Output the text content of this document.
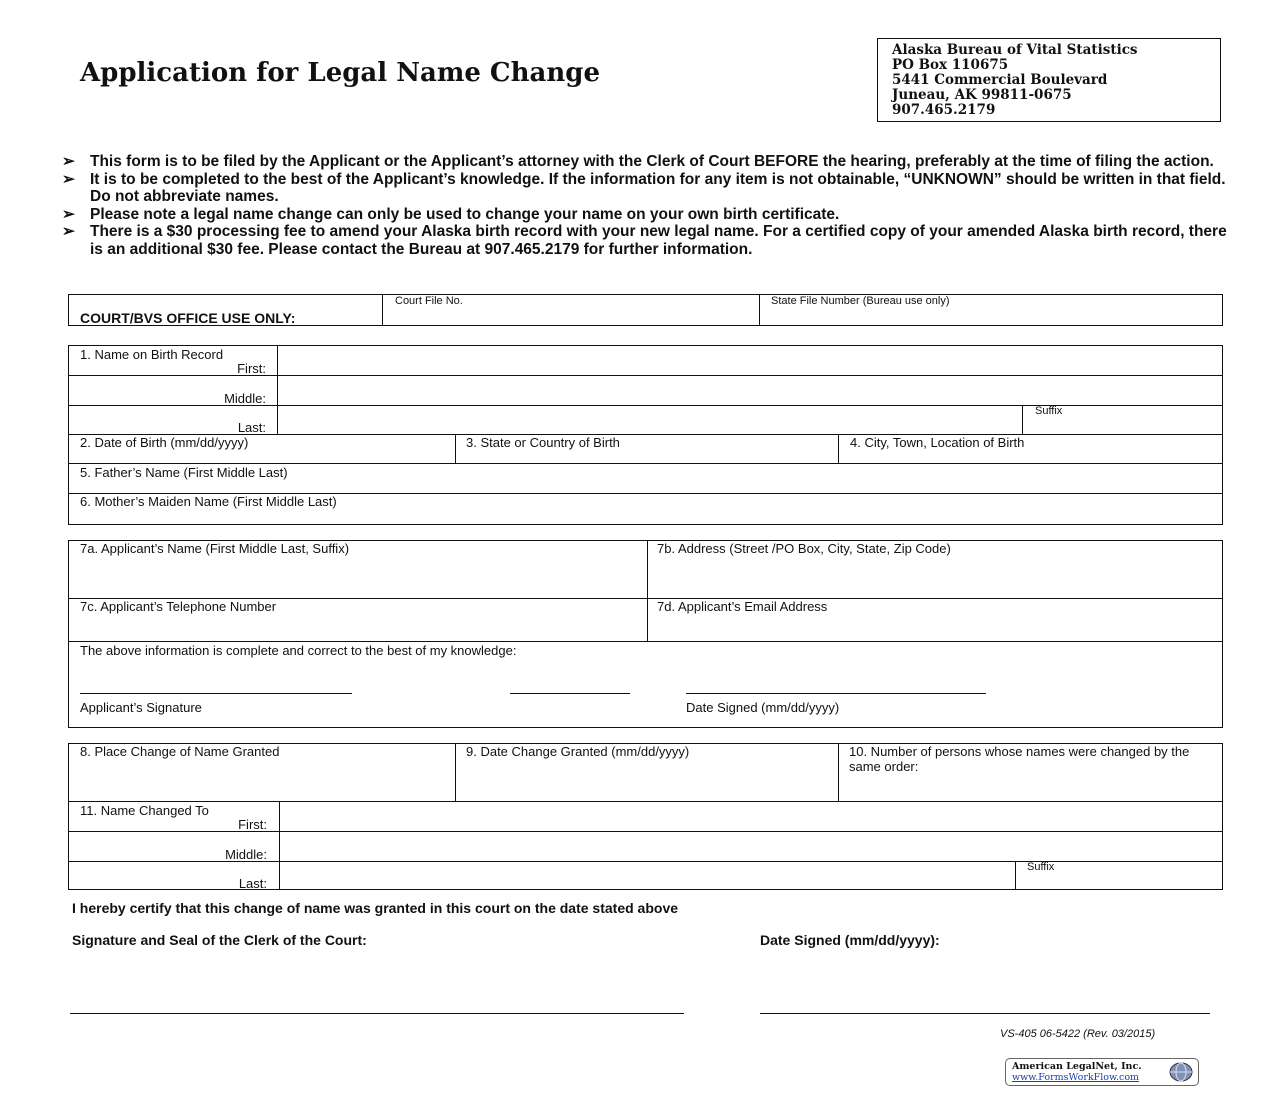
Application for Legal Name Change
Alaska Bureau of Vital Statistics
PO Box 110675
5441 Commercial Boulevard
Juneau, AK 99811-0675
907.465.2179
➢ This form is to be filed by the Applicant or the Applicant’s attorney with the Clerk of Court BEFORE the hearing, preferably at the time of filing the action.
➢ It is to be completed to the best of the Applicant’s knowledge. If the information for any item is not obtainable, “UNKNOWN” should be written in that field. Do not abbreviate names.
➢ Please note a legal name change can only be used to change your name on your own birth certificate.
➢ There is a $30 processing fee to amend your Alaska birth record with your new legal name. For a certified copy of your amended Alaska birth record, there is an additional $30 fee. Please contact the Bureau at 907.465.2179 for further information.
COURT/BVS OFFICE USE ONLY:
Court File No.	State File Number (Bureau use only)
1. Name on Birth Record
First:
Middle:
Last:
Suffix
2. Date of Birth (mm/dd/yyyy)	3. State or Country of Birth	4. City, Town, Location of Birth
5. Father’s Name (First Middle Last)
6. Mother’s Maiden Name (First Middle Last)
7a. Applicant’s Name (First Middle Last, Suffix)	7b. Address (Street /PO Box, City, State, Zip Code)
7c. Applicant’s Telephone Number	7d. Applicant’s Email Address
The above information is complete and correct to the best of my knowledge:
Applicant’s Signature	Date Signed (mm/dd/yyyy)
8. Place Change of Name Granted	9. Date Change Granted (mm/dd/yyyy)	10. Number of persons whose names were changed by the same order:
11. Name Changed To
First:
Middle:
Last:
Suffix
I hereby certify that this change of name was granted in this court on the date stated above
Signature and Seal of the Clerk of the Court:	Date Signed (mm/dd/yyyy):
VS-405 06-5422 (Rev. 03/2015)
American LegalNet, Inc.
www.FormsWorkFlow.com
